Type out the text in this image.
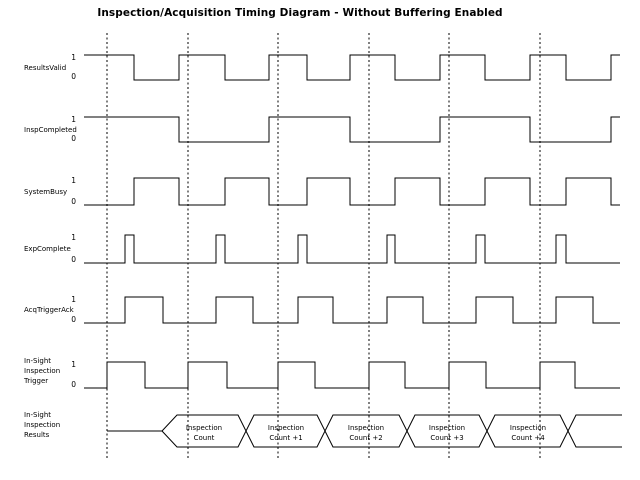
Inspection/Acquisition Timing Diagram - Without Buffering Enabled
ResultsValid
1
0
InspCompleted
1
0
SystemBusy
1
0
ExpComplete
1
0
AcqTriggerAck
1
0
In-Sight
Inspection
Trigger
1
0
Inspection
Count
Inspection
Count +1
Inspection
Count +2
Inspection
Count +3
Inspection
Count +4
In-Sight
Inspection
Results
